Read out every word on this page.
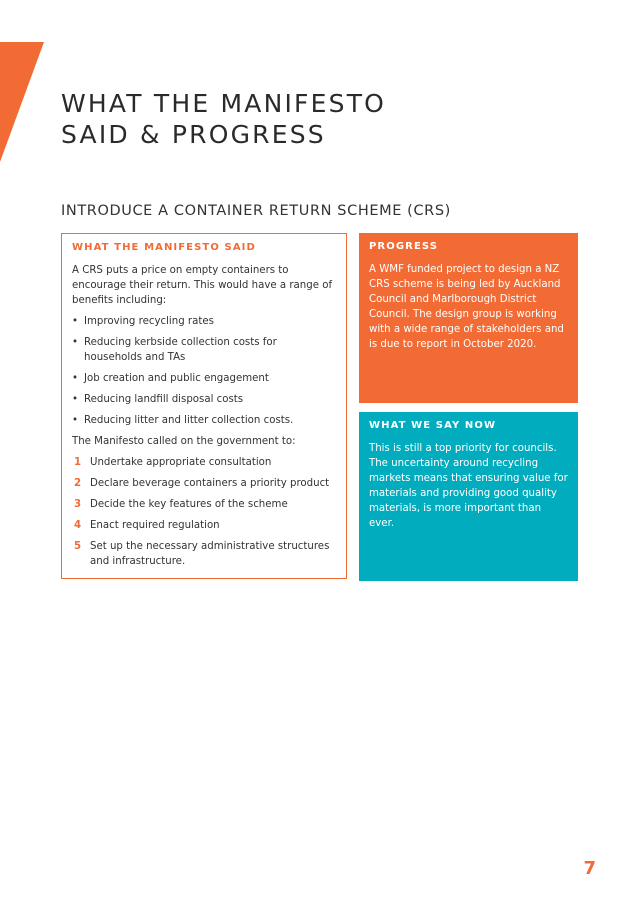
WHAT THE MANIFESTO
SAID & PROGRESS
INTRODUCE A CONTAINER RETURN SCHEME (CRS)
WHAT THE MANIFESTO SAID

A CRS puts a price on empty containers to encourage their return. This would have a range of benefits including:

• Improving recycling rates
• Reducing kerbside collection costs for households and TAs
• Job creation and public engagement
• Reducing landfill disposal costs
• Reducing litter and litter collection costs.

The Manifesto called on the government to:

1 Undertake appropriate consultation
2 Declare beverage containers a priority product
3 Decide the key features of the scheme
4 Enact required regulation
5 Set up the necessary administrative structures and infrastructure.
PROGRESS

A WMF funded project to design a NZ CRS scheme is being led by Auckland Council and Marlborough District Council. The design group is working with a wide range of stakeholders and is due to report in October 2020.

WHAT WE SAY NOW

This is still a top priority for councils. The uncertainty around recycling markets means that ensuring value for materials and providing good quality materials, is more important than ever.

7
